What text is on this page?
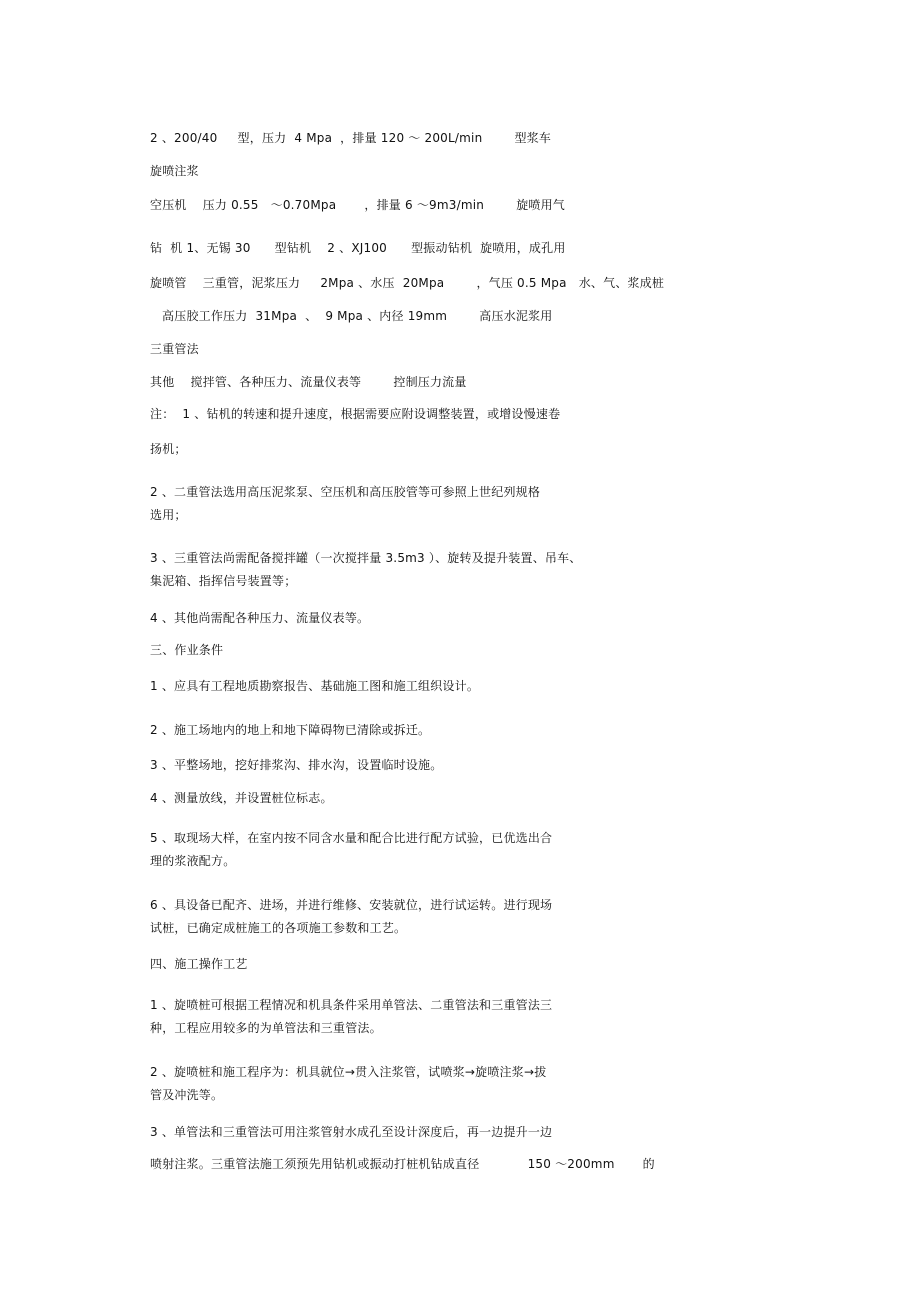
2 、200/40     型，压力  4 Mpa  ，排量 120 ～ 200L/min        型浆车
旋喷注浆
空压机    压力 0.55   ～0.70Mpa       ，排量 6 ～9m3/min        旋喷用气
钻  机 1、无锡 30      型钻机    2 、XJ100      型振动钻机  旋喷用，成孔用
旋喷管    三重管，泥浆压力     2Mpa 、水压  20Mpa        ，气压 0.5 Mpa   水、气、浆成桩
高压胶工作压力  31Mpa  、  9 Mpa 、内径 19mm        高压水泥浆用
三重管法
其他    搅拌管、各种压力、流量仪表等        控制压力流量
注：  1 、钻机的转速和提升速度，根据需要应附设调整装置，或增设慢速卷
扬机；
2 、二重管法选用高压泥浆泵、空压机和高压胶管等可参照上世纪列规格
选用；
3 、三重管法尚需配备搅拌罐（一次搅拌量 3.5m3 ）、旋转及提升装置、吊车、
集泥箱、指挥信号装置等；
4 、其他尚需配各种压力、流量仪表等。
三、作业条件
1 、应具有工程地质勘察报告、基础施工图和施工组织设计。
2 、施工场地内的地上和地下障碍物已清除或拆迁。
3 、平整场地，挖好排浆沟、排水沟，设置临时设施。
4 、测量放线，并设置桩位标志。
5 、取现场大样，在室内按不同含水量和配合比进行配方试验，已优选出合
理的浆液配方。
6 、具设备已配齐、进场，并进行维修、安装就位，进行试运转。进行现场
试桩，已确定成桩施工的各项施工参数和工艺。
四、施工操作工艺
1 、旋喷桩可根据工程情况和机具条件采用单管法、二重管法和三重管法三
种，工程应用较多的为单管法和三重管法。
2 、旋喷桩和施工程序为：机具就位→贯入注浆管，试喷浆→旋喷注浆→拔
管及冲洗等。
3 、单管法和三重管法可用注浆管射水成孔至设计深度后，再一边提升一边
喷射注浆。三重管法施工须预先用钻机或振动打桩机钻成直径            150 ～200mm       的
